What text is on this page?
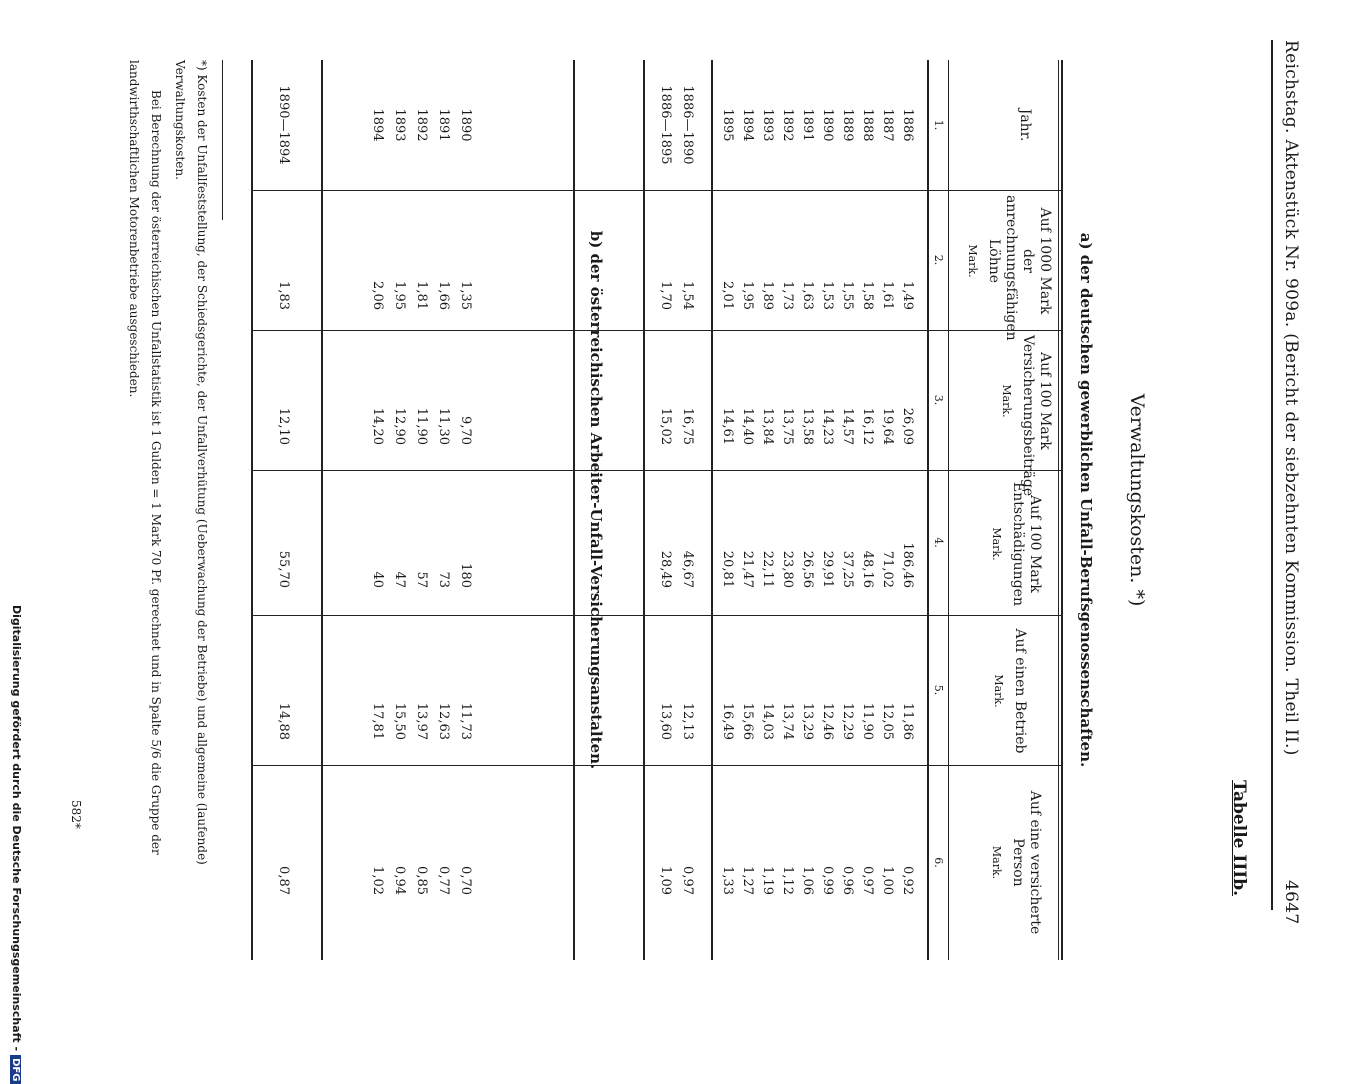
Reichstag. Aktenstück Nr. 909a. (Bericht der siebzehnten Kommission. Theil II.)
4647
Tabelle IIIb.
Verwaltungskosten. *)
a) der deutschen gewerblichen Unfall-Berufsgenossenschaften.
Jahr.
Auf 1000 Mark der anrechnungsfähigen Löhne
Mark.
Auf 100 Mark Versicherungsbeiträge
Mark.
Auf 100 Mark Entschädigungen
Mark.
Auf einen Betrieb
Mark.
Auf eine versicherte Person
Mark.
1.
2.
3.
4.
5.
6.
1886
1,49
26,09
186,46
11,86
0,92
1887
1,61
19,64
71,02
12,05
1,00
1888
1,58
16,12
48,16
11,90
0,97
1889
1,55
14,57
37,25
12,29
0,96
1890
1,53
14,23
29,91
12,46
0,99
1891
1,63
13,58
26,56
13,29
1,06
1892
1,73
13,75
23,80
13,74
1,12
1893
1,89
13,84
22,11
14,03
1,19
1894
1,95
14,40
21,47
15,66
1,27
1895
2,01
14,61
20,81
16,49
1,33
1886—1890
1,54
16,75
46,67
12,13
0,97
1886—1895
1,70
15,02
28,49
13,60
1,09
b) der österreichischen Arbeiter-Unfall-Versicherungsanstalten.
1890
1,35
9,70
180
11,73
0,70
1891
1,66
11,30
73
12,63
0,77
1892
1,81
11,90
57
13,97
0,85
1893
1,95
12,90
47
15,50
0,94
1894
2,06
14,20
40
17,81
1,02
1890—1894
1,83
12,10
55,70
14,88
0,87
*) Kosten der Unfallfeststellung, der Schiedsgerichte, der Unfallverhütung (Ueberwachung der Betriebe) und allgemeine (laufende) Verwaltungskosten.
Bei Berechnung der österreichischen Unfallstatistik ist 1 Gulden = 1 Mark 70 Pf. gerechnet und in Spalte 5/6 die Gruppe der landwirthschaftlichen Motorenbetriebe ausgeschieden.
582*
Digitalisierung gefördert durch die Deutsche Forschungsgemeinschaft -DFG
